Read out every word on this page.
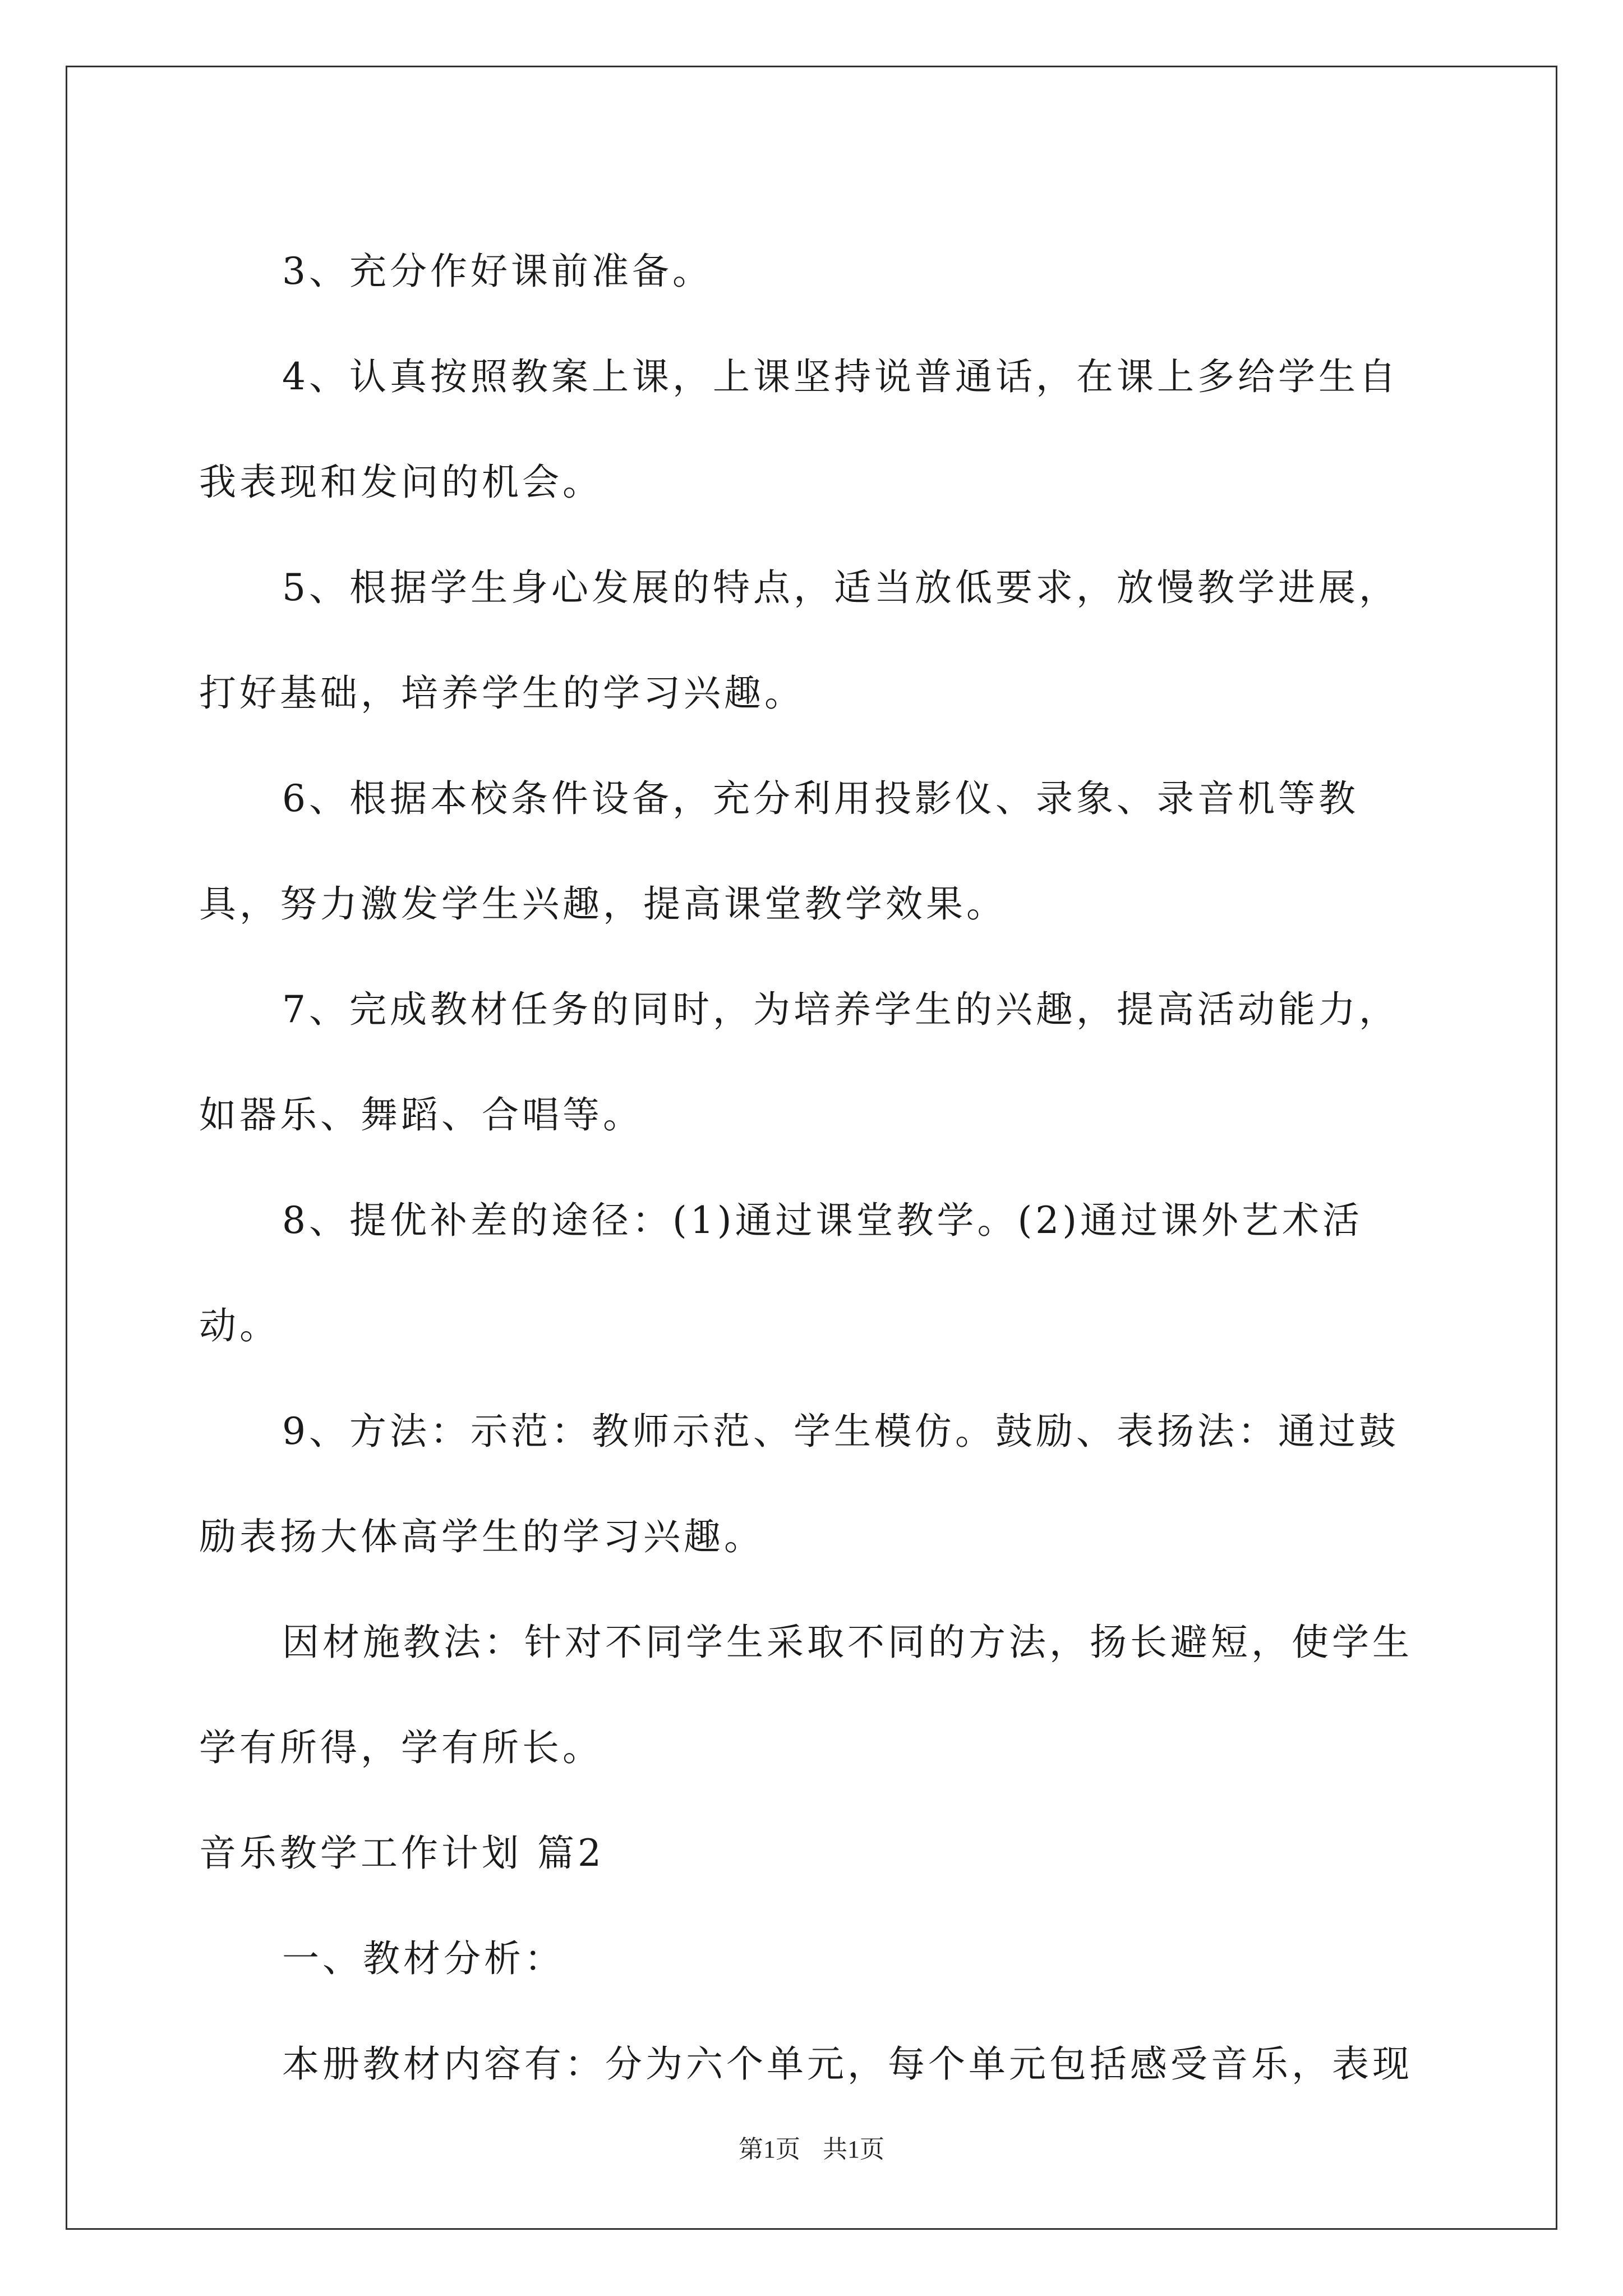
3、充分作好课前准备。

4、认真按照教案上课，上课坚持说普通话，在课上多给学生自我表现和发问的机会。

5、根据学生身心发展的特点，适当放低要求，放慢教学进展，打好基础，培养学生的学习兴趣。

6、根据本校条件设备，充分利用投影仪、录象、录音机等教具，努力激发学生兴趣，提高课堂教学效果。

7、完成教材任务的同时，为培养学生的兴趣，提高活动能力，如器乐、舞蹈、合唱等。

8、提优补差的途径：(1)通过课堂教学。(2)通过课外艺术活动。

9、方法：示范：教师示范、学生模仿。鼓励、表扬法：通过鼓励表扬大体高学生的学习兴趣。

因材施教法：针对不同学生采取不同的方法，扬长避短，使学生学有所得，学有所长。

音乐教学工作计划 篇2

一、教材分析：

本册教材内容有：分为六个单元，每个单元包括感受音乐，表现

第1页 共1页
